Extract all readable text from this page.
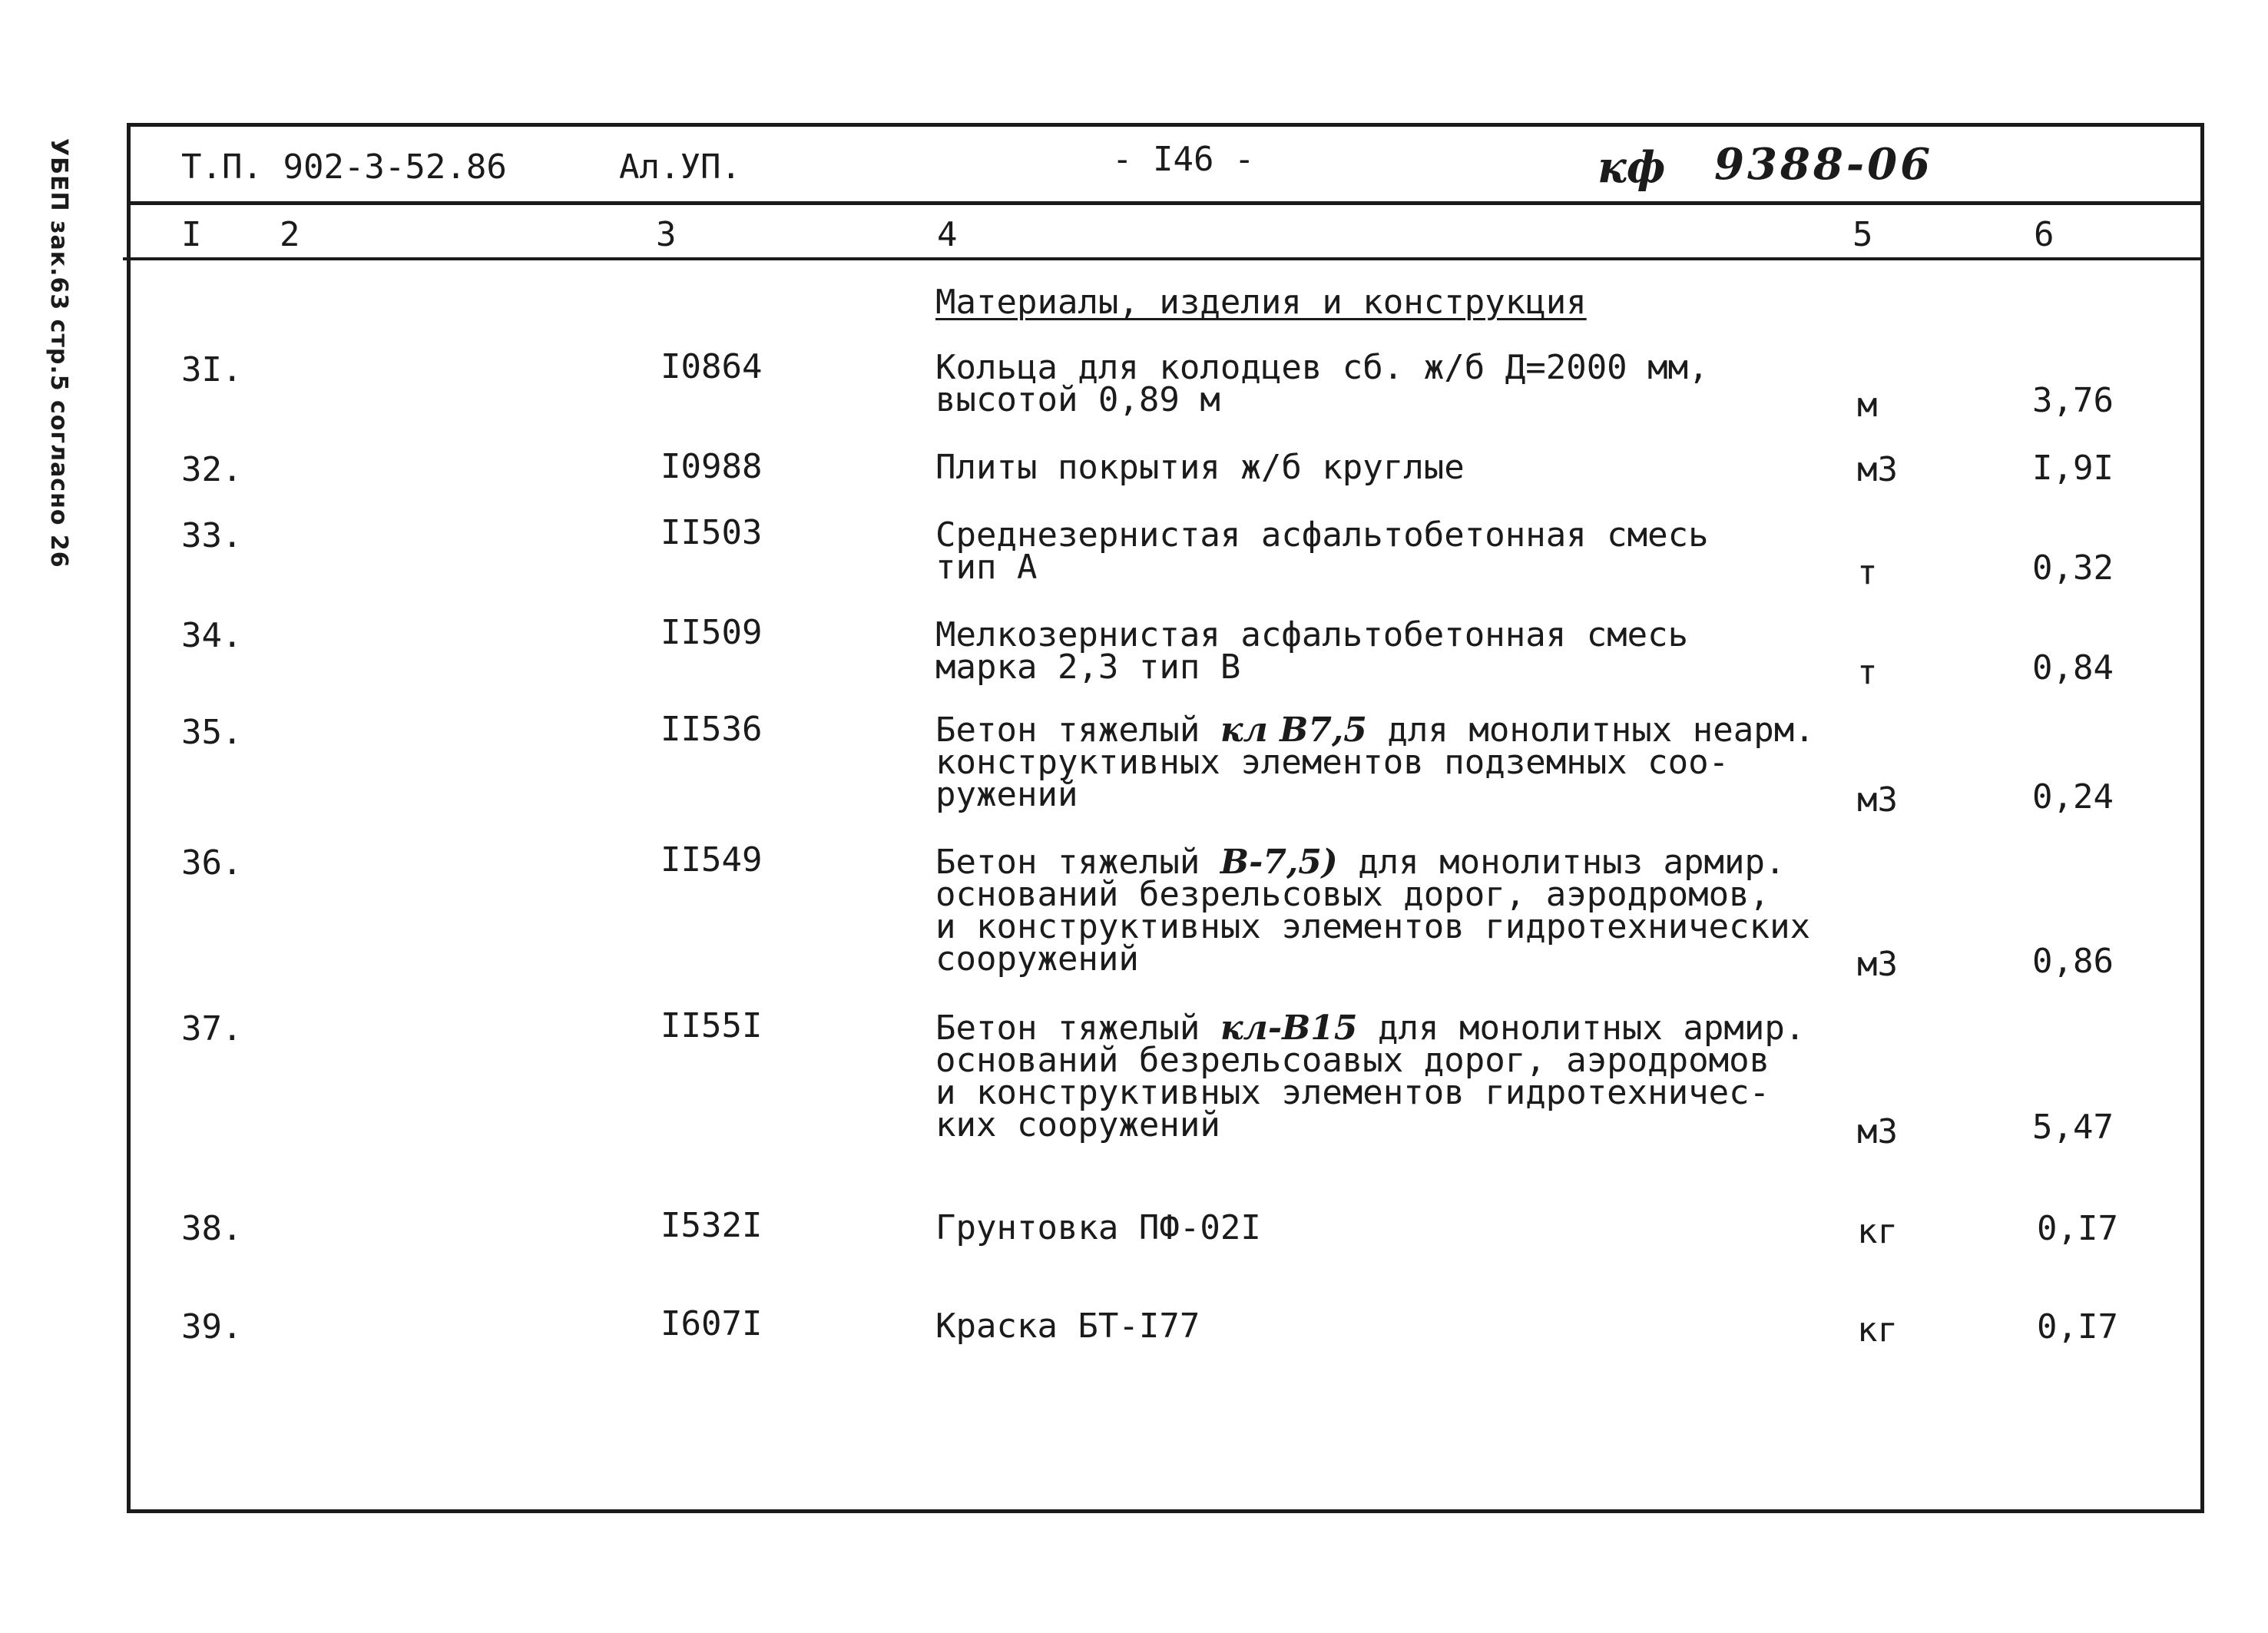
УБЕП зак.63 стр.5 согласно 26	Т.П. 902-3-52.86	Ал.УП.	- I46 -	кф 9388-06
I 2	3	4	5	6
Материалы, изделия и конструкция
3I.	I0864	Кольца для колодцев сб. ж/б Д=2000 мм,
высотой 0,89 м	м	3,76
32.	I0988	Плиты покрытия ж/б круглые	м3	I,9I
33.	II503	Среднезернистая асфальтобетонная смесь
тип А	т	0,32
34.	II509	Мелкозернистая асфальтобетонная смесь
марка 2,3 тип В	т	0,84
35.	II536	Бетон тяжелый кл В7,5 для монолитных неарм.
конструктивных элементов подземных соо-
ружений	м3	0,24
36.	II549	Бетон тяжелый В-7,5) для монолитныз армир.
оснований безрельсовых дорог, аэродромов,
и конструктивных элементов гидротехнических
сооружений	м3	0,86
37.	II55I	Бетон тяжелый кл-В15 для монолитных армир.
оснований безрельсоавых дорог, аэродромов
и конструктивных элементов гидротехничес-
ких сооружений	м3	5,47
38.	I532I	Грунтовка ПФ-02I	кг	0,I7
39.	I607I	Краска БТ-I77	кг	0,I7
